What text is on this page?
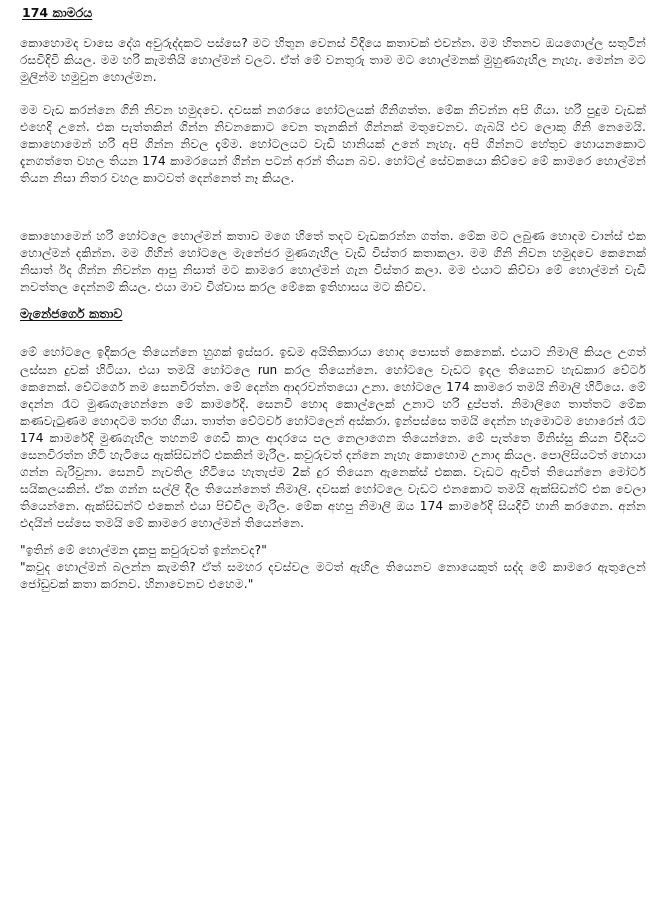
174 කාමරය

කොහොමද වාසෙ දේශ අවුරුද්දකට පස්සෙ? මට හිතුන වෙනස් විදියෙ කතාවක් එවන්න. මම හිතනව ඔයගොල්ල සතුටින් රසවිදිවි කියල. මම හරි කැමතියි හොල්මන් වලට. ඒත් මේ වනතුරු තාම මට හොල්මනක් මුහුණගැහිල නැහැ. මෙන්න මට මුලින්ම හමුවුන හොල්මන.

මම වැඩ කරන්නෙ ගිනි නිවන හමුදවෙ. දවසක් නගරයෙ හෝටලයක් ගිනිගත්ත. මේක නිවන්න අපි ගියා. හරි පුදුම වැඩක් එහෙදි උනේ. එක පැත්තකින් ගින්න නිවනකොට වෙන තැනකින් ගින්නක් මතුවෙනව. ගැබයි එව ලොකු ගිනි නෙමෙයි. කොහොමෙන් හරි අපි ගින්න නිවල දැම්ම. හෝටලයට වැඩි හානියක් උනේ නැහැ. අපි ගින්නට හේතුව හොයනකොට දැනගත්තෙ වහල තියන 174 කාමරයෙන් ගින්න පටන් අරන් තියන බව. හෝටල් සේවකයො කිව්වෙ මේ කාමරෙ හොල්මන් තියන නිසා නිතර වහල කාටවත් දෙන්නෙත් නෑ කියල.

කොහොමෙන් හරි හෝටලෙ හොල්මන් කතාව මගෙ හිතේ තදට වැඩකරන්න ගත්ත. මේක මට ලබුණ හොදම චාන්ස් එක හොල්මන් දකින්න. මම ගිහින් හෝටලෙ මැනේජර මුණගැහිල වැඩි විස්තර කතාකලා. මම ගිනි නිවන හමුදවෙ කෙනෙක් නිසාත් ඊද ගින්න නිවන්න ආපු නිසාත් මට කාමරෙ හොල්මන් ගැන විස්තර කලා. මම එයාට කිව්වා මේ හොල්මන් වැඩි නවත්තල දෙන්නම් කියල. එයා මාව විශ්වාස කරල මේකෙ ඉතිහාසය මට කිව්ව.

මැනේජර්ගෙ කතාව

මේ හෝටලෙ ඉදිකරල තියෙන්නෙ හුගක් ඉස්සර. ඉඩම අයිතිකාරයා හොද පොසත් කෙනෙක්. එයාට නිමාලි කියල උගත් ලස්සන දුවක් හිටියා. එයා තමයි හෝටලෙ run කරල තියෙන්නෙ. හෝටලෙ වැඩට ඉදල තියෙනව හැඩකාර වේටර් කෙනෙක්. වේටර්ගෙ නම සෙනවිරත්න. මේ දෙන්න ආදරවන්තයො උනා. හෝටලෙ 174 කාමරෙ තමයි නිමාලි හිටියෙ. මේ දෙන්න රෑට මුණගැහෙන්නෙ මේ කාමරේදි. සෙනවි හොද කොල්ලෙක් උනාට හරි දුප්පත්. නිමාලිගෙ තාත්තට මේක කණවැටුණම හොදටම තරහ ගියා. තාත්ත වේටර්ව හෝටලෙන් අස්කරා. ඉන්පස්සෙ තමයි දෙන්න හැමොටම හොරෙන් රෑට 174 කාමරේදි මුණගැහිල තහනම් ගෙඩි කාල ආදරයෙ පල නෙලාගෙන තියෙන්නෙ. මේ පැත්තෙ මිනිස්සු කියන විදියට සෙනවිරත්න හිටි හැටියෙ ඇක්සිඩන්ට් එකකින් මැරිල. කවුරුවත් දන්නෙ නැහැ කොහොම උනාද කියල. පොලිසියටත් හොයා ගන්න බැරිවුනා. සෙනවි නැවතිල හිටියෙ හැතැප්ම 2ක් දුර තියෙන ඇනෙක්ස් එකක. වැඩට ඇවිත් තියෙන්නෙ මෝටර් සයිකලයකින්. ඒක ගන්න සල්ලි දීල තියෙන්නෙත් නිමාලි. දවසක් හෝටලෙ වැඩට එනකොට තමයි ඇක්සිඩන්ට් එක වෙලා තියෙන්නෙ. ඇක්සිඩන්ට් එකෙන් එයා පිච්චිල මැරිල. මේක අහපු නිමාලි ඔය 174 කාමරේදි සියදිවි හානි කරගෙන. අන්න එදයින් පස්සෙ තමයි මේ කාමරෙ හොල්මන් තියෙන්නෙ.

"ඉතින් මේ හොල්මන දැකපු කවුරුවත් ඉන්නවද?"

"කවුද හොල්මන් බලන්න කැමති? ඒත් සමහර දවස්වල මටත් ඇහිල තියෙනව නොයෙකුත් සද්ද මේ කාමරෙ ඇතුලෙන් ජෝඩුවක් කතා කරනව. හිනාවෙනව එහෙම."
